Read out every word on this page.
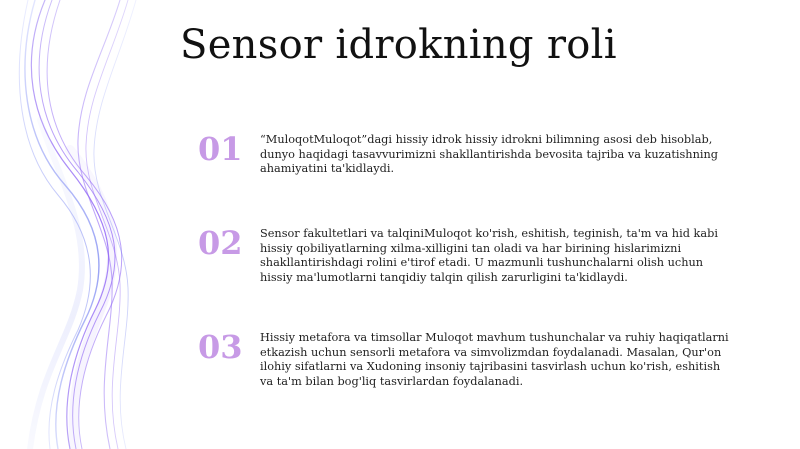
Sensor idrokning roli
01 “MuloqotMuloqot”dagi hissiy idrok hissiy idrokni bilimning asosi deb hisoblab, dunyo haqidagi tasavvurimizni shakllantirishda bevosita tajriba va kuzatishning ahamiyatini ta'kidlaydi.
02 Sensor fakultetlari va talqiniMuloqot ko'rish, eshitish, teginish, ta'm va hid kabi hissiy qobiliyatlarning xilma-xilligini tan oladi va har birining hislarimizni shakllantirishdagi rolini e'tirof etadi. U mazmunli tushunchalarni olish uchun hissiy ma'lumotlarni tanqidiy talqin qilish zarurligini ta'kidlaydi.
03 Hissiy metafora va timsollar Muloqot mavhum tushunchalar va ruhiy haqiqatlarni etkazish uchun sensorli metafora va simvolizmdan foydalanadi. Masalan, Qur'on ilohiy sifatlarni va Xudoning insoniy tajribasini tasvirlash uchun ko'rish, eshitish va ta'm bilan bog'liq tasvirlardan foydalanadi.
